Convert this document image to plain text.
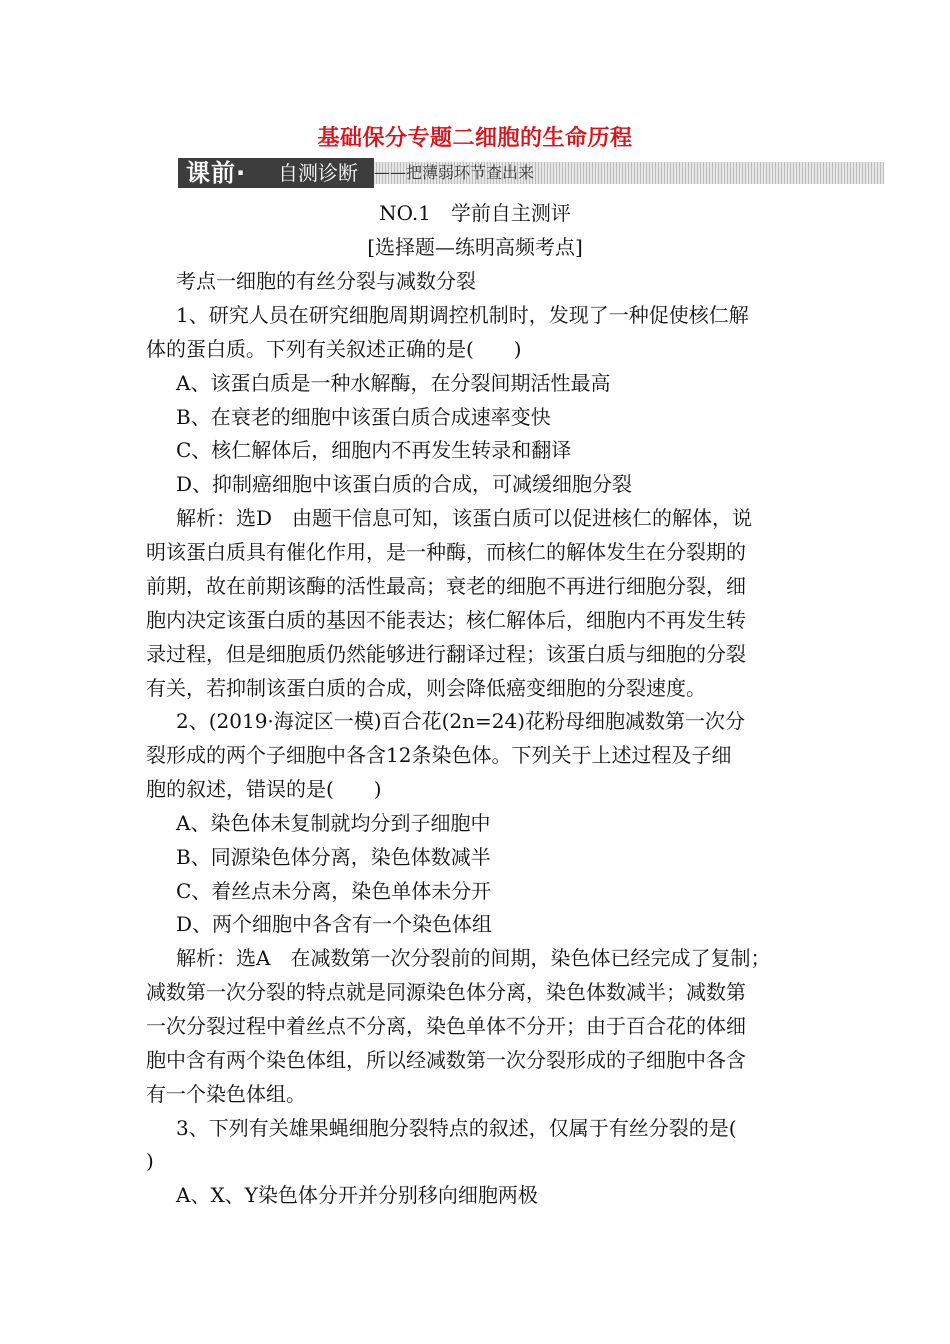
基础保分专题二细胞的生命历程
课前· 自测诊断 ——把薄弱环节查出来
NO.1　学前自主测评
[选择题—练明高频考点]
考点一细胞的有丝分裂与减数分裂
1、研究人员在研究细胞周期调控机制时，发现了一种促使核仁解
体的蛋白质。下列有关叙述正确的是(　　)
A、该蛋白质是一种水解酶，在分裂间期活性最高
B、在衰老的细胞中该蛋白质合成速率变快
C、核仁解体后，细胞内不再发生转录和翻译
D、抑制癌细胞中该蛋白质的合成，可减缓细胞分裂
解析：选D　由题干信息可知，该蛋白质可以促进核仁的解体，说
明该蛋白质具有催化作用，是一种酶，而核仁的解体发生在分裂期的
前期，故在前期该酶的活性最高；衰老的细胞不再进行细胞分裂，细
胞内决定该蛋白质的基因不能表达；核仁解体后，细胞内不再发生转
录过程，但是细胞质仍然能够进行翻译过程；该蛋白质与细胞的分裂
有关，若抑制该蛋白质的合成，则会降低癌变细胞的分裂速度。
2、(2019·海淀区一模)百合花(2n=24)花粉母细胞减数第一次分
裂形成的两个子细胞中各含12条染色体。下列关于上述过程及子细
胞的叙述，错误的是(　　)
A、染色体未复制就均分到子细胞中
B、同源染色体分离，染色体数减半
C、着丝点未分离，染色单体未分开
D、两个细胞中各含有一个染色体组
解析：选A　在减数第一次分裂前的间期，染色体已经完成了复制；
减数第一次分裂的特点就是同源染色体分离，染色体数减半；减数第
一次分裂过程中着丝点不分离，染色单体不分开；由于百合花的体细
胞中含有两个染色体组，所以经减数第一次分裂形成的子细胞中各含
有一个染色体组。
3、下列有关雄果蝇细胞分裂特点的叙述，仅属于有丝分裂的是(
)
A、X、Y染色体分开并分别移向细胞两极
